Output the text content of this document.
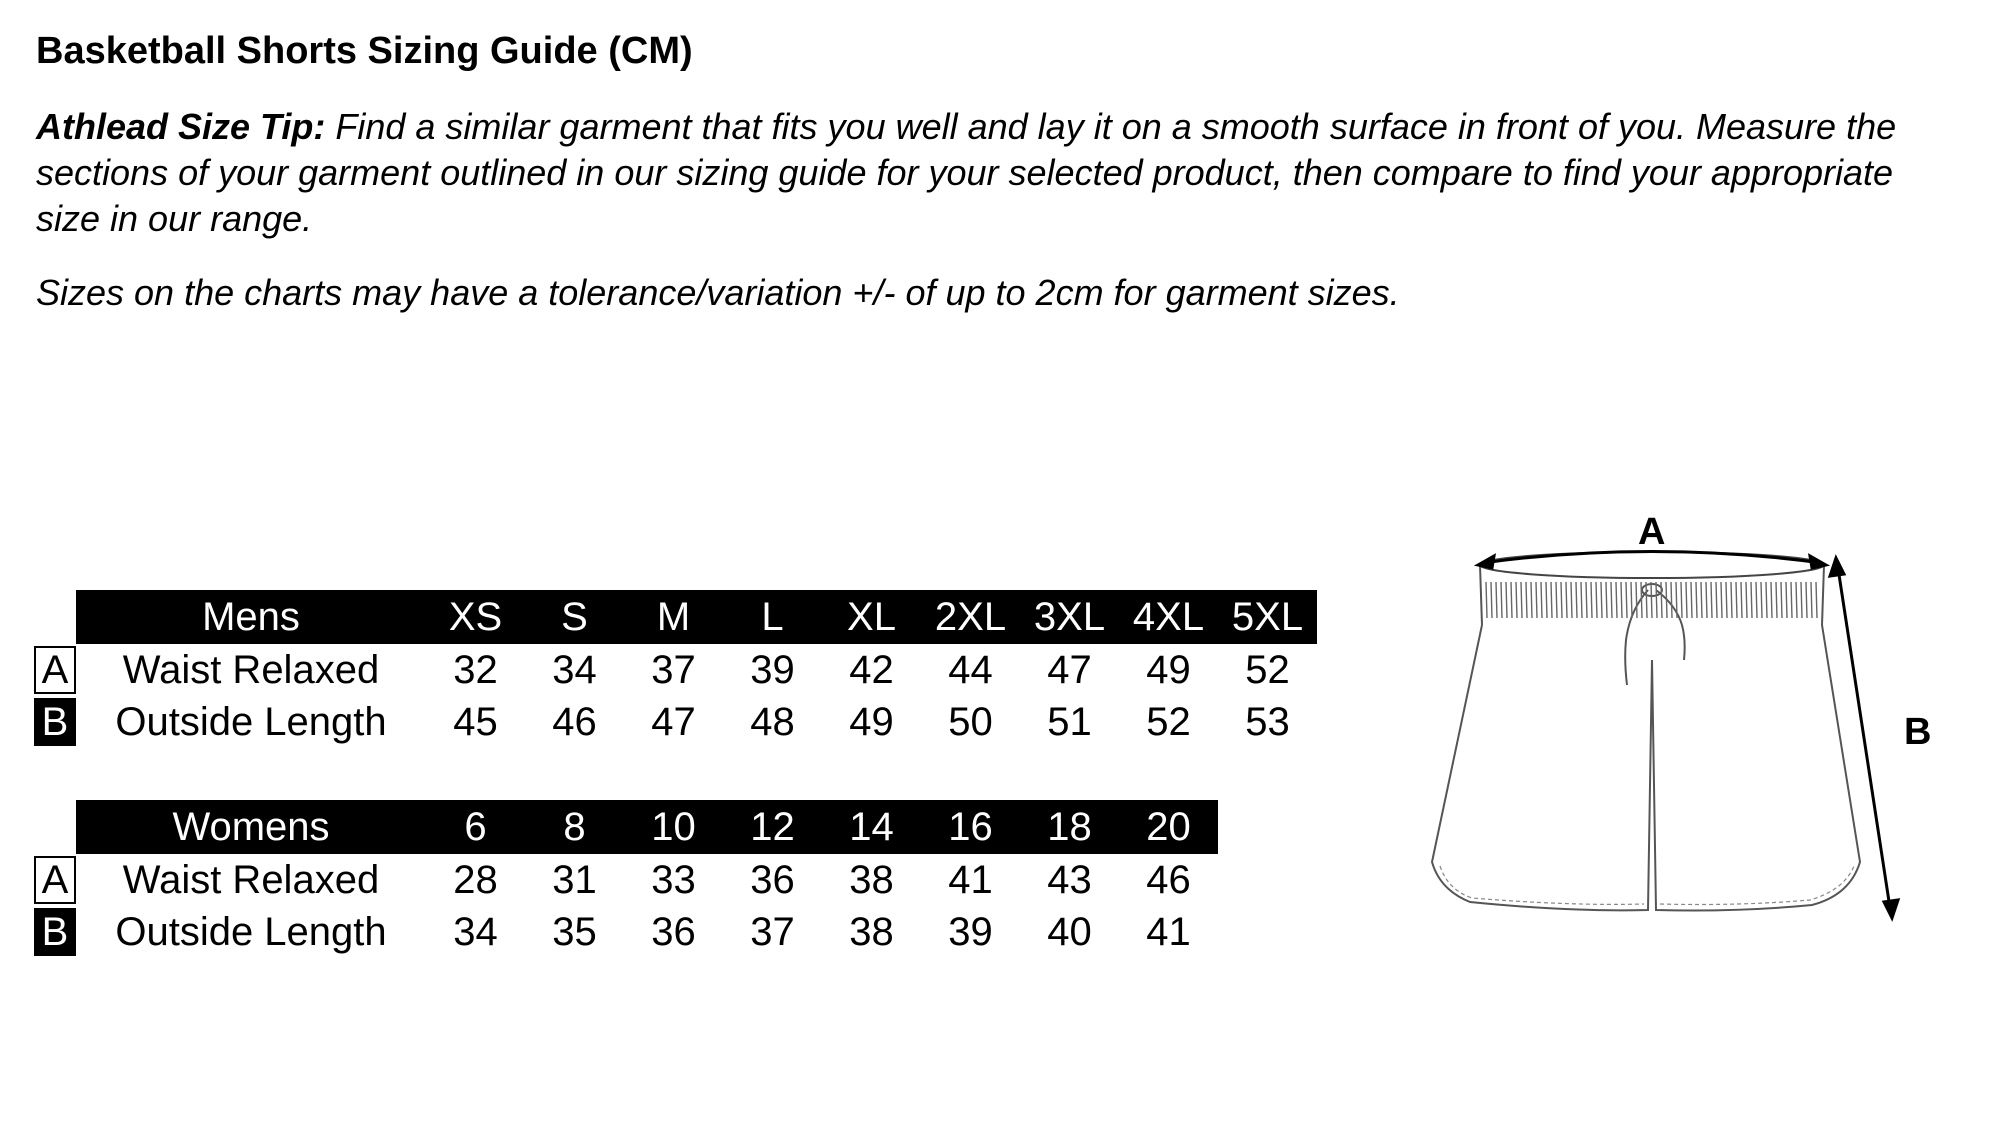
Basketball Shorts Sizing Guide (CM)

Athlead Size Tip: Find a similar garment that fits you well and lay it on a smooth surface in front of you. Measure the sections of your garment outlined in our sizing guide for your selected product, then compare to find your appropriate size in our range.

Sizes on the charts may have a tolerance/variation +/- of up to 2cm for garment sizes.

Mens	XS	S	M	L	XL 2XL 3XL 4XL 5XL
A	Waist Relaxed	32	34	37	39	42	44	47	49	52
B	Outside Length	45	46	47	48	49	50	51	52	53
Womens	6	8	10	12	14	16	18	20
A	Waist Relaxed	28	31	33	36	38	41	43	46
B	Outside Length	34	35	36	37	38	39	40	41
A
B
